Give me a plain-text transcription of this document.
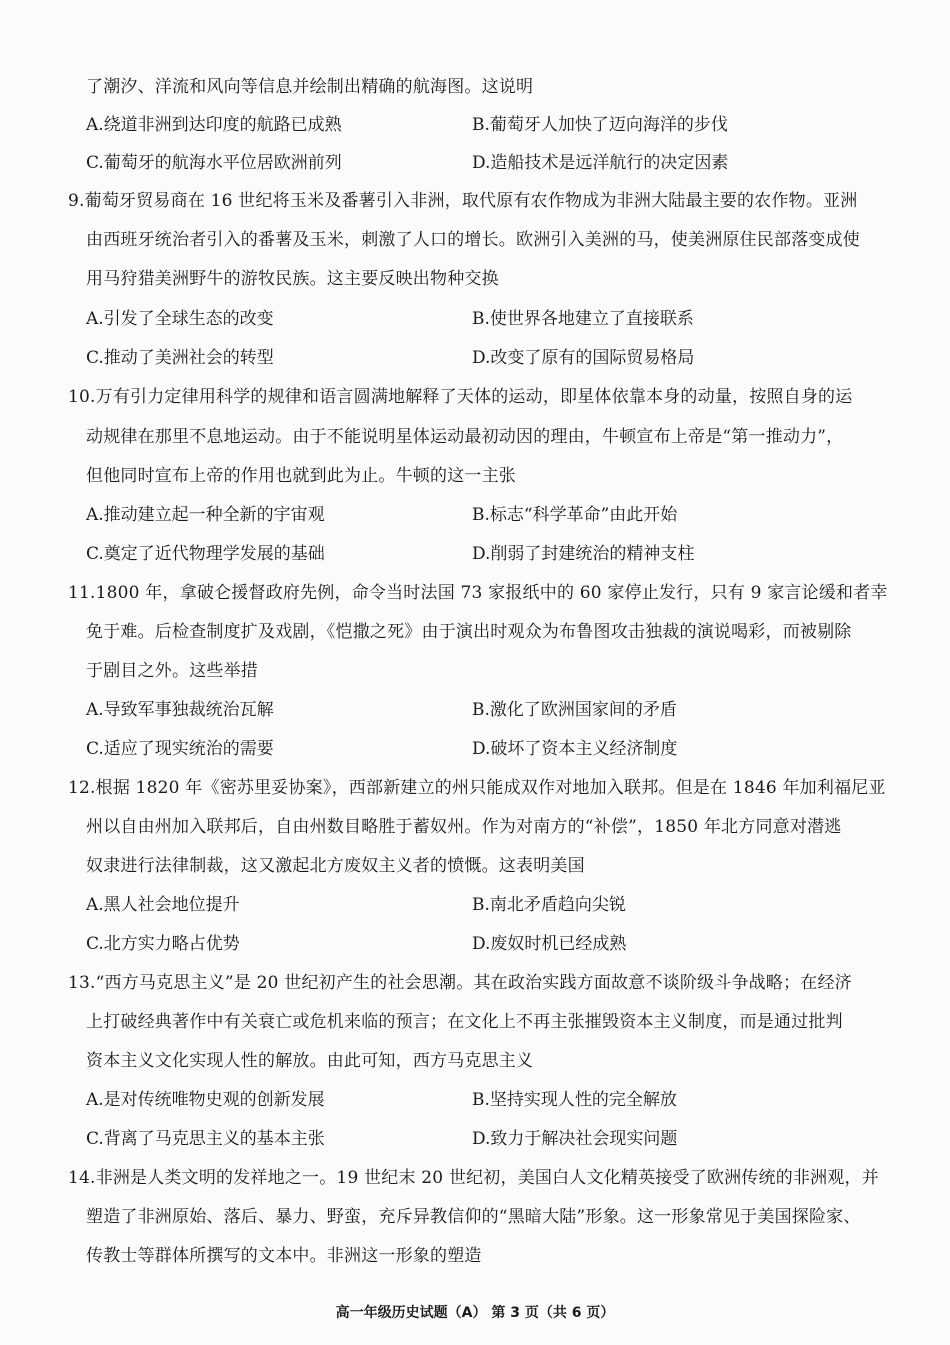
了潮汐、洋流和风向等信息并绘制出精确的航海图。这说明
A.绕道非洲到达印度的航路已成熟	B.葡萄牙人加快了迈向海洋的步伐
C.葡萄牙的航海水平位居欧洲前列	D.造船技术是远洋航行的决定因素
9.葡萄牙贸易商在 16 世纪将玉米及番薯引入非洲，取代原有农作物成为非洲大陆最主要的农作物。亚洲
由西班牙统治者引入的番薯及玉米，刺激了人口的增长。欧洲引入美洲的马，使美洲原住民部落变成使
用马狩猎美洲野牛的游牧民族。这主要反映出物种交换
A.引发了全球生态的改变	B.使世界各地建立了直接联系
C.推动了美洲社会的转型	D.改变了原有的国际贸易格局
10.万有引力定律用科学的规律和语言圆满地解释了天体的运动，即星体依靠本身的动量，按照自身的运
动规律在那里不息地运动。由于不能说明星体运动最初动因的理由，牛顿宣布上帝是“第一推动力”，
但他同时宣布上帝的作用也就到此为止。牛顿的这一主张
A.推动建立起一种全新的宇宙观	B.标志“科学革命”由此开始
C.奠定了近代物理学发展的基础	D.削弱了封建统治的精神支柱
11.1800 年，拿破仑援督政府先例，命令当时法国 73 家报纸中的 60 家停止发行，只有 9 家言论缓和者幸
免于难。后检查制度扩及戏剧，《恺撒之死》由于演出时观众为布鲁图攻击独裁的演说喝彩，而被剔除
于剧目之外。这些举措
A.导致军事独裁统治瓦解	B.激化了欧洲国家间的矛盾
C.适应了现实统治的需要	D.破坏了资本主义经济制度
12.根据 1820 年《密苏里妥协案》，西部新建立的州只能成双作对地加入联邦。但是在 1846 年加利福尼亚
州以自由州加入联邦后，自由州数目略胜于蓄奴州。作为对南方的“补偿”，1850 年北方同意对潜逃
奴隶进行法律制裁，这又激起北方废奴主义者的愤慨。这表明美国
A.黑人社会地位提升	B.南北矛盾趋向尖锐
C.北方实力略占优势	D.废奴时机已经成熟
13.“西方马克思主义”是 20 世纪初产生的社会思潮。其在政治实践方面故意不谈阶级斗争战略；在经济
上打破经典著作中有关衰亡或危机来临的预言；在文化上不再主张摧毁资本主义制度，而是通过批判
资本主义文化实现人性的解放。由此可知，西方马克思主义
A.是对传统唯物史观的创新发展	B.坚持实现人性的完全解放
C.背离了马克思主义的基本主张	D.致力于解决社会现实问题
14.非洲是人类文明的发祥地之一。19 世纪末 20 世纪初，美国白人文化精英接受了欧洲传统的非洲观，并
塑造了非洲原始、落后、暴力、野蛮，充斥异教信仰的“黑暗大陆”形象。这一形象常见于美国探险家、
传教士等群体所撰写的文本中。非洲这一形象的塑造
高一年级历史试题（A） 第 3 页（共 6 页）
